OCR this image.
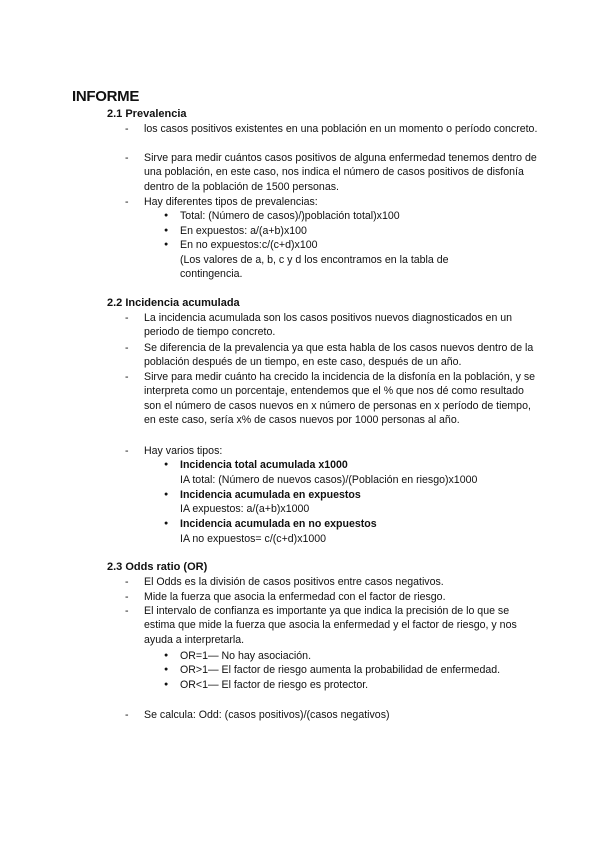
INFORME
2.1 Prevalencia
- los casos positivos existentes en una población en un momento o período concreto.
- Sirve para medir cuántos casos positivos de alguna enfermedad tenemos dentro de una población, en este caso, nos indica el número de casos positivos de disfonía dentro de la población de 1500 personas.
- Hay diferentes tipos de prevalencias:
● Total: (Número de casos)/)población total)x100
● En expuestos: a/(a+b)x100
● En no expuestos:c/(c+d)x100
(Los valores de a, b, c y d los encontramos en la tabla de contingencia.
2.2 Incidencia acumulada
- La incidencia acumulada son los casos positivos nuevos diagnosticados en un periodo de tiempo concreto.
- Se diferencia de la prevalencia ya que esta habla de los casos nuevos dentro de la población después de un tiempo, en este caso, después de un año.
- Sirve para medir cuánto ha crecido la incidencia de la disfonía en la población, y se interpreta como un porcentaje, entendemos que el % que nos dé como resultado son el número de casos nuevos en x número de personas en x período de tiempo, en este caso, sería x% de casos nuevos por 1000 personas al año.
- Hay varios tipos:
● Incidencia total acumulada x1000
IA total: (Número de nuevos casos)/(Población en riesgo)x1000
● Incidencia acumulada en expuestos
IA expuestos: a/(a+b)x1000
● Incidencia acumulada en no expuestos
IA no expuestos= c/(c+d)x1000
2.3 Odds ratio (OR)
- El Odds es la división de casos positivos entre casos negativos.
- Mide la fuerza que asocia la enfermedad con el factor de riesgo.
- El intervalo de confianza es importante ya que indica la precisión de lo que se estima que mide la fuerza que asocia la enfermedad y el factor de riesgo, y nos ayuda a interpretarla.
● OR=1— No hay asociación.
● OR>1— El factor de riesgo aumenta la probabilidad de enfermedad.
● OR<1— El factor de riesgo es protector.
- Se calcula: Odd: (casos positivos)/(casos negativos)
